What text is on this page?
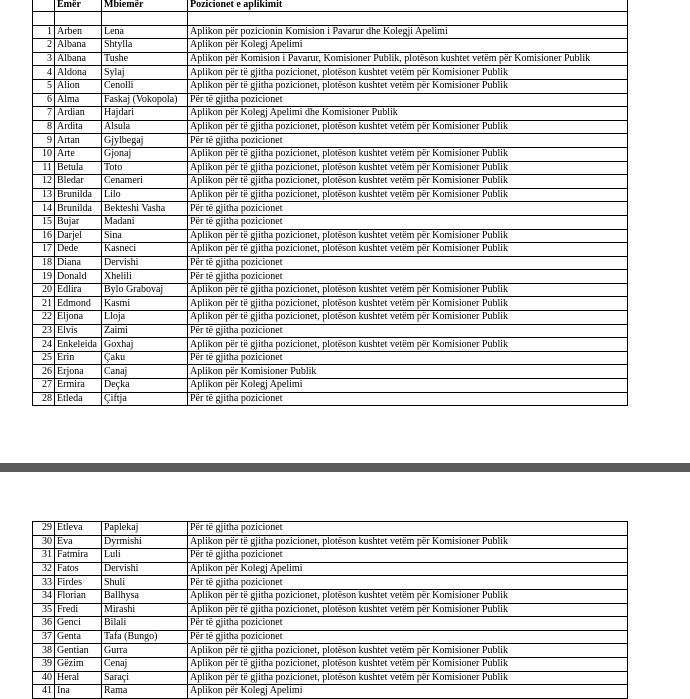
	Emër	Mbiemër	Pozicionet e aplikimit

1	Arben	Lena	Aplikon për pozicionin Komision i Pavarur dhe Kolegji Apelimi
2	Albana	Shtylla	Aplikon për Kolegj Apelimi
3	Albana	Tushe	Aplikon për Komision i Pavarur, Komisioner Publik, plotëson kushtet vetëm për Komisioner Publik
4	Aldona	Sylaj	Aplikon për të gjitha pozicionet, plotëson kushtet vetëm për Komisioner Publik
5	Alion	Cenolli	Aplikon për të gjitha pozicionet, plotëson kushtet vetëm për Komisioner Publik
6	Alma	Faskaj (Vokopola)	Për të gjitha pozicionet
7	Ardian	Hajdari	Aplikon për Kolegj Apelimi dhe Komisioner Publik
8	Ardita	Alsula	Aplikon për të gjitha pozicionet, plotëson kushtet vetëm për Komisioner Publik
9	Artan	Gjylbegaj	Për të gjitha pozicionet
10	Arte	Gjonaj	Aplikon për të gjitha pozicionet, plotëson kushtet vetëm për Komisioner Publik
11	Betula	Toto	Aplikon për të gjitha pozicionet, plotëson kushtet vetëm për Komisioner Publik
12	Bledar	Cenameri	Aplikon për të gjitha pozicionet, plotëson kushtet vetëm për Komisioner Publik
13	Brunilda	Lilo	Aplikon për të gjitha pozicionet, plotëson kushtet vetëm për Komisioner Publik
14	Brunilda	Bekteshi Vasha	Për të gjitha pozicionet
15	Bujar	Madani	Për të gjitha pozicionet
16	Darjel	Sina	Aplikon për të gjitha pozicionet, plotëson kushtet vetëm për Komisioner Publik
17	Dede	Kasneci	Aplikon për të gjitha pozicionet, plotëson kushtet vetëm për Komisioner Publik
18	Diana	Dervishi	Për të gjitha pozicionet
19	Donald	Xhelili	Për të gjitha pozicionet
20	Edlira	Bylo Grabovaj	Aplikon për të gjitha pozicionet, plotëson kushtet vetëm për Komisioner Publik
21	Edmond	Kasmi	Aplikon për të gjitha pozicionet, plotëson kushtet vetëm për Komisioner Publik
22	Eljona	Lloja	Aplikon për të gjitha pozicionet, plotëson kushtet vetëm për Komisioner Publik
23	Elvis	Zaimi	Për të gjitha pozicionet
24	Enkeleida	Goxhaj	Aplikon për të gjitha pozicionet, plotëson kushtet vetëm për Komisioner Publik
25	Erin	Çaku	Për të gjitha pozicionet
26	Erjona	Canaj	Aplikon për Komisioner Publik
27	Ermira	Deçka	Aplikon për Kolegj Apelimi
28	Etleda	Çiftja	Për të gjitha pozicionet
29	Etleva	Paplekaj	Për të gjitha pozicionet
30	Eva	Dyrmishi	Aplikon për të gjitha pozicionet, plotëson kushtet vetëm për Komisioner Publik
31	Fatmira	Luli	Për të gjitha pozicionet
32	Fatos	Dervishi	Aplikon për Kolegj Apelimi
33	Firdes	Shuli	Për të gjitha pozicionet
34	Florian	Ballhysa	Aplikon për të gjitha pozicionet, plotëson kushtet vetëm për Komisioner Publik
35	Fredi	Mirashi	Aplikon për të gjitha pozicionet, plotëson kushtet vetëm për Komisioner Publik
36	Genci	Bilali	Për të gjitha pozicionet
37	Genta	Tafa (Bungo)	Për të gjitha pozicionet
38	Gentian	Gurra	Aplikon për të gjitha pozicionet, plotëson kushtet vetëm për Komisioner Publik
39	Gëzim	Cenaj	Aplikon për të gjitha pozicionet, plotëson kushtet vetëm për Komisioner Publik
40	Heral	Saraçi	Aplikon për të gjitha pozicionet, plotëson kushtet vetëm për Komisioner Publik
41	Ina	Rama	Aplikon për Kolegj Apelimi
